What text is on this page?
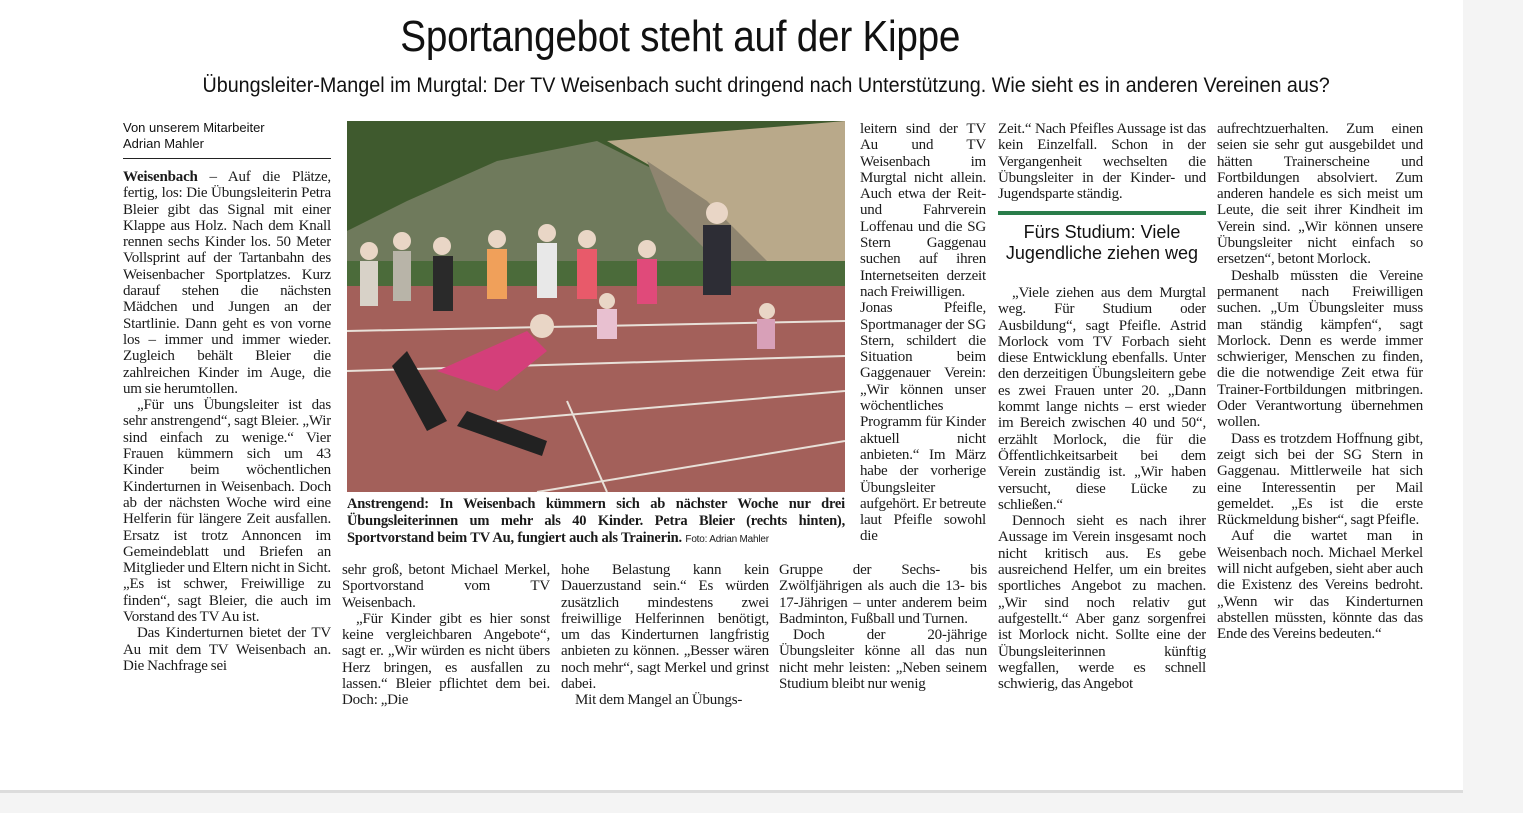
Sportangebot steht auf der Kippe
Übungsleiter-Mangel im Murgtal: Der TV Weisenbach sucht dringend nach Unterstützung. Wie sieht es in anderen Vereinen aus?
Von unserem Mitarbeiter
Adrian Mahler

Weisenbach – Auf die Plätze, fertig, los: Die Übungsleiterin Petra Bleier gibt das Signal mit einer Klappe aus Holz. Nach dem Knall rennen sechs Kinder los. 50 Meter Vollsprint auf der Tartanbahn des Weisenbacher Sportplatzes. Kurz darauf stehen die nächsten Mädchen und Jungen an der Startlinie. Dann geht es von vorne los – immer und immer wieder. Zugleich behält Bleier die zahlreichen Kinder im Auge, die um sie herumtollen.

„Für uns Übungsleiter ist das sehr anstrengend“, sagt Bleier. „Wir sind einfach zu wenige.“ Vier Frauen kümmern sich um 43 Kinder beim wöchentlichen Kinderturnen in Weisenbach. Doch ab der nächsten Woche wird eine Helferin für längere Zeit ausfallen. Ersatz ist trotz Annoncen im Gemeindeblatt und Briefen an Mitglieder und Eltern nicht in Sicht. „Es ist schwer, Freiwillige zu finden“, sagt Bleier, die auch im Vorstand des TV Au ist.

Das Kinderturnen bietet der TV Au mit dem TV Weisenbach an. Die Nachfrage sei

Anstrengend: In Weisenbach kümmern sich ab nächster Woche nur drei Übungsleiterinnen um mehr als 40 Kinder. Petra Bleier (rechts hinten), Sportvorstand beim TV Au, fungiert auch als Trainerin. Foto: Adrian Mahler

sehr groß, betont Michael Merkel, Sportvorstand vom TV Weisenbach.

„Für Kinder gibt es hier sonst keine vergleichbaren Angebote“, sagt er. „Wir würden es nicht übers Herz bringen, es ausfallen zu lassen.“ Bleier pflichtet dem bei. Doch: „Die

hohe Belastung kann kein Dauerzustand sein.“ Es würden zusätzlich mindestens zwei freiwillige Helferinnen benötigt, um das Kinderturnen langfristig anbieten zu können. „Besser wären noch mehr“, sagt Merkel und grinst dabei.

Mit dem Mangel an Übungs-

leitern sind der TV Au und TV Weisenbach im Murgtal nicht allein. Auch etwa der Reit- und Fahrverein Loffenau und die SG Stern Gaggenau suchen auf ihren Internetseiten derzeit nach Freiwilligen.

Jonas Pfeifle, Sportmanager der SG Stern, schildert die Situation beim Gaggenauer Verein: „Wir können unser wöchentliches Programm für Kinder aktuell nicht anbieten.“ Im März habe der vorherige Übungsleiter aufgehört. Er betreute laut Pfeifle sowohl die

Gruppe der Sechs- bis Zwölfjährigen als auch die 13- bis 17-Jährigen – unter anderem beim Badminton, Fußball und Turnen.

Doch der 20-jährige Übungsleiter könne all das nun nicht mehr leisten: „Neben seinem Studium bleibt nur wenig

Zeit.“ Nach Pfeifles Aussage ist das kein Einzelfall. Schon in der Vergangenheit wechselten die Übungsleiter in der Kinder- und Jugendsparte ständig.

Fürs Studium: Viele Jugendliche ziehen weg

„Viele ziehen aus dem Murgtal weg. Für Studium oder Ausbildung“, sagt Pfeifle. Astrid Morlock vom TV Forbach sieht diese Entwicklung ebenfalls. Unter den derzeitigen Übungsleitern gebe es zwei Frauen unter 20. „Dann kommt lange nichts – erst wieder im Bereich zwischen 40 und 50“, erzählt Morlock, die für die Öffentlichkeitsarbeit bei dem Verein zuständig ist. „Wir haben versucht, diese Lücke zu schließen.“

Dennoch sieht es nach ihrer Aussage im Verein insgesamt noch nicht kritisch aus. Es gebe ausreichend Helfer, um ein breites sportliches Angebot zu machen. „Wir sind noch relativ gut aufgestellt.“ Aber ganz sorgenfrei ist Morlock nicht. Sollte eine der Übungsleiterinnen künftig wegfallen, werde es schnell schwierig, das Angebot

aufrechtzuerhalten. Zum einen seien sie sehr gut ausgebildet und hätten Trainerscheine und Fortbildungen absolviert. Zum anderen handele es sich meist um Leute, die seit ihrer Kindheit im Verein sind. „Wir können unsere Übungsleiter nicht einfach so ersetzen“, betont Morlock.

Deshalb müssten die Vereine permanent nach Freiwilligen suchen. „Um Übungsleiter muss man ständig kämpfen“, sagt Morlock. Denn es werde immer schwieriger, Menschen zu finden, die die notwendige Zeit etwa für Trainer-Fortbildungen mitbringen. Oder Verantwortung übernehmen wollen.

Dass es trotzdem Hoffnung gibt, zeigt sich bei der SG Stern in Gaggenau. Mittlerweile hat sich eine Interessentin per Mail gemeldet. „Es ist die erste Rückmeldung bisher“, sagt Pfeifle.

Auf die wartet man in Weisenbach noch. Michael Merkel will nicht aufgeben, sieht aber auch die Existenz des Vereins bedroht. „Wenn wir das Kinderturnen abstellen müssten, könnte das das Ende des Vereins bedeuten.“
